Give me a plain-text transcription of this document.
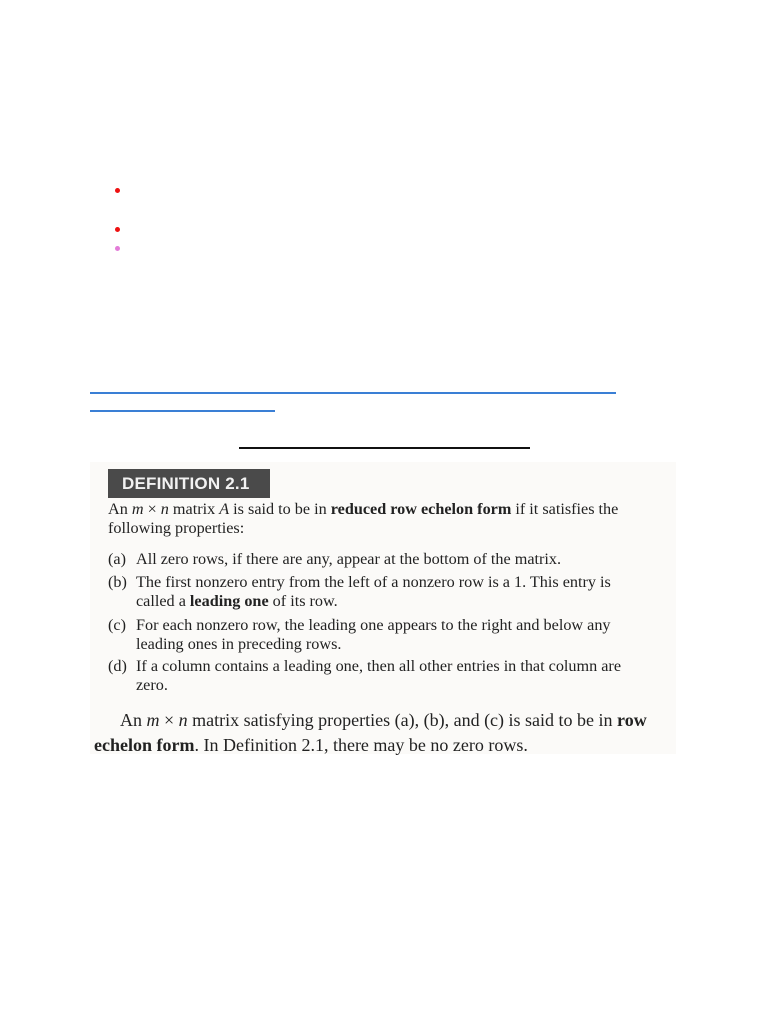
DEFINITION 2.1
An m × n matrix A is said to be in reduced row echelon form if it satisfies the
following properties:
(a) All zero rows, if there are any, appear at the bottom of the matrix.
(b) The first nonzero entry from the left of a nonzero row is a 1. This entry is
called a leading one of its row.
(c) For each nonzero row, the leading one appears to the right and below any
leading ones in preceding rows.
(d) If a column contains a leading one, then all other entries in that column are
zero.
An m × n matrix satisfying properties (a), (b), and (c) is said to be in row
echelon form. In Definition 2.1, there may be no zero rows.
